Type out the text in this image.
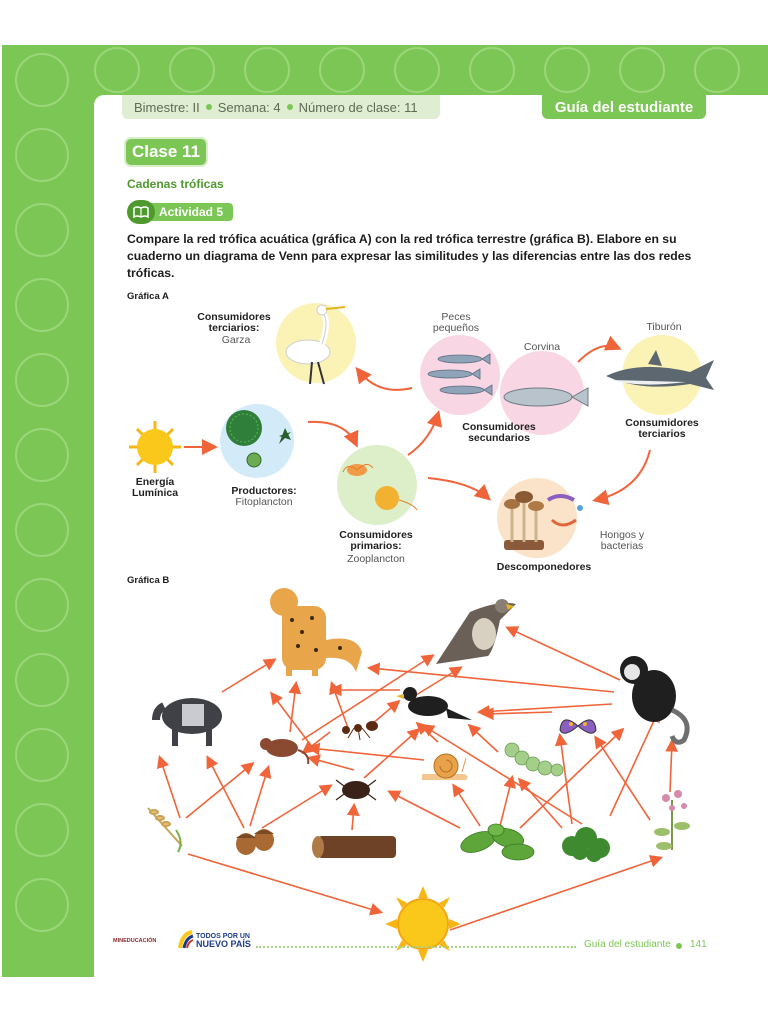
Bimestre: II Semana: 4 Número de clase: 11	Guía del estudiante
Clase 11
Cadenas tróficas
Actividad 5
Compare la red trófica acuática (gráfica A) con la red trófica terrestre (gráfica B). Elabore en su cuaderno un diagrama de Venn para expresar las similitudes y las diferencias entre las dos redes tróficas.
Gráfica A
Gráfica B
Consumidores terciarios:
Garza
Peces pequeños
Corvina
Tiburón
Consumidores secundarios
Consumidores terciarios
Energía Lumínica	Productores:
Fitoplancton
Consumidores primarios:
Zooplancton
Hongos y bacterias
Descomponedores
MINEDUCACIÓN
TODOS POR UN
NUEVO PAÍS	Guía del estudiante 141
